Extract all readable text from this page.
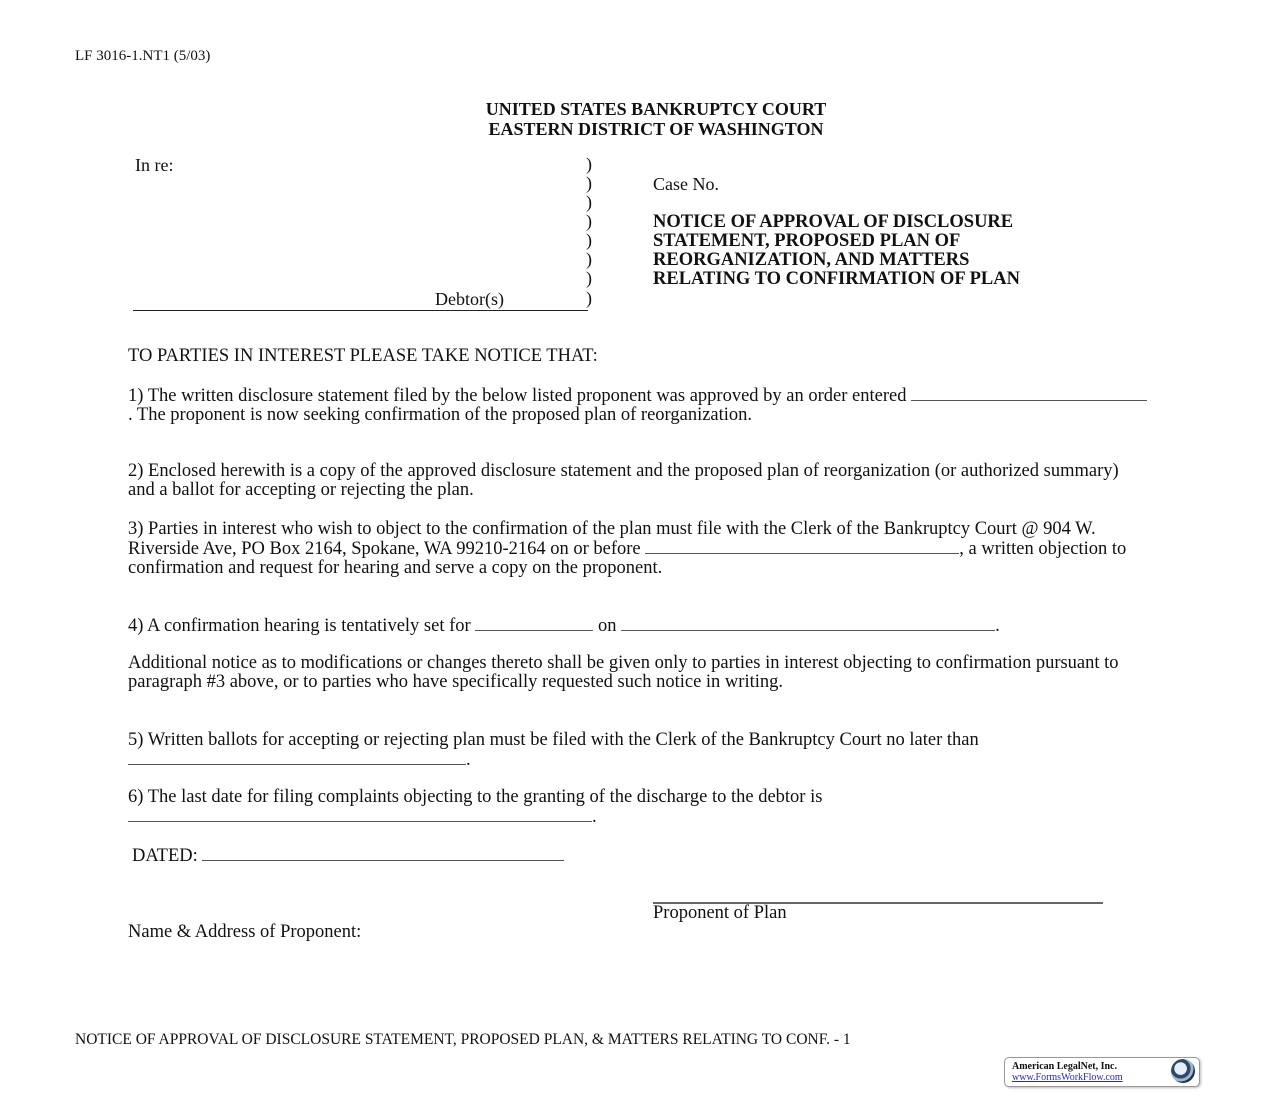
LF 3016-1.NT1 (5/03)
UNITED STATES BANKRUPTCY COURT
EASTERN DISTRICT OF WASHINGTON
In re:	)
)
)
)
)
)
)
)
Debtor(s)
Case No.
NOTICE OF APPROVAL OF DISCLOSURE
STATEMENT, PROPOSED PLAN OF
REORGANIZATION, AND MATTERS
RELATING TO CONFIRMATION OF PLAN
TO PARTIES IN INTEREST PLEASE TAKE NOTICE THAT:
1) The written disclosure statement filed by the below listed proponent was approved by an order entered  . The proponent is now seeking confirmation of the proposed plan of reorganization.
2) Enclosed herewith is a copy of the approved disclosure statement and the proposed plan of reorganization (or authorized summary) and a ballot for accepting or rejecting the plan.
3) Parties in interest who wish to object to the confirmation of the plan must file with the Clerk of the Bankruptcy Court @ 904 W. Riverside Ave, PO Box 2164, Spokane, WA 99210-2164 on or before	, a written objection to confirmation and request for hearing and serve a copy on the proponent.
4) A confirmation hearing is tentatively set for	on	.
Additional notice as to modifications or changes thereto shall be given only to parties in interest objecting to confirmation pursuant to paragraph #3 above, or to parties who have specifically requested such notice in writing.
5) Written ballots for accepting or rejecting plan must be filed with the Clerk of the Bankruptcy Court no later than .
6) The last date for filing complaints objecting to the granting of the discharge to the debtor is
.
DATED:
Proponent of Plan
Name & Address of Proponent:
NOTICE OF APPROVAL OF DISCLOSURE STATEMENT, PROPOSED PLAN, & MATTERS RELATING TO CONF. - 1
American LegalNet, Inc.
www.FormsWorkFlow.com
